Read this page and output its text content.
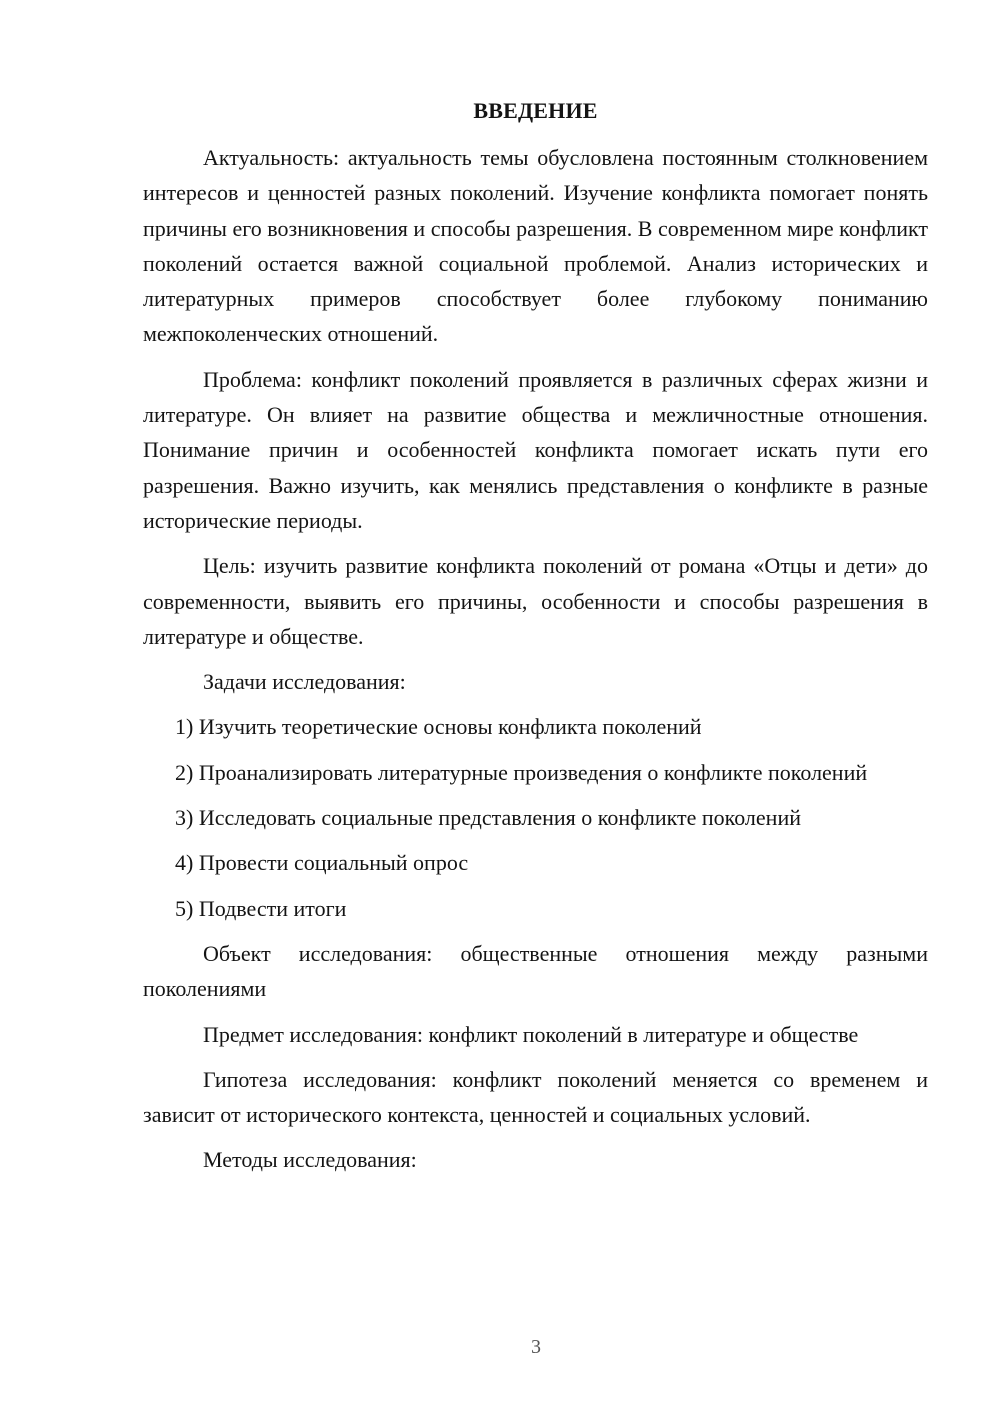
ВВЕДЕНИЕ

Актуальность: актуальность темы обусловлена постоянным столкновением интересов и ценностей разных поколений. Изучение конфликта помогает понять причины его возникновения и способы разрешения. В современном мире конфликт поколений остается важной социальной проблемой. Анализ исторических и литературных примеров способствует более глубокому пониманию межпоколенческих отношений.

Проблема: конфликт поколений проявляется в различных сферах жизни и литературе. Он влияет на развитие общества и межличностные отношения. Понимание причин и особенностей конфликта помогает искать пути его разрешения. Важно изучить, как менялись представления о конфликте в разные исторические периоды.

Цель: изучить развитие конфликта поколений от романа «Отцы и дети» до современности, выявить его причины, особенности и способы разрешения в литературе и обществе.

Задачи исследования:

1) Изучить теоретические основы конфликта поколений

2) Проанализировать литературные произведения о конфликте поколений

3) Исследовать социальные представления о конфликте поколений

4) Провести социальный опрос

5) Подвести итоги

Объект исследования: общественные отношения между разными поколениями

Предмет исследования: конфликт поколений в литературе и обществе

Гипотеза исследования: конфликт поколений меняется со временем и зависит от исторического контекста, ценностей и социальных условий.

Методы исследования:

3
